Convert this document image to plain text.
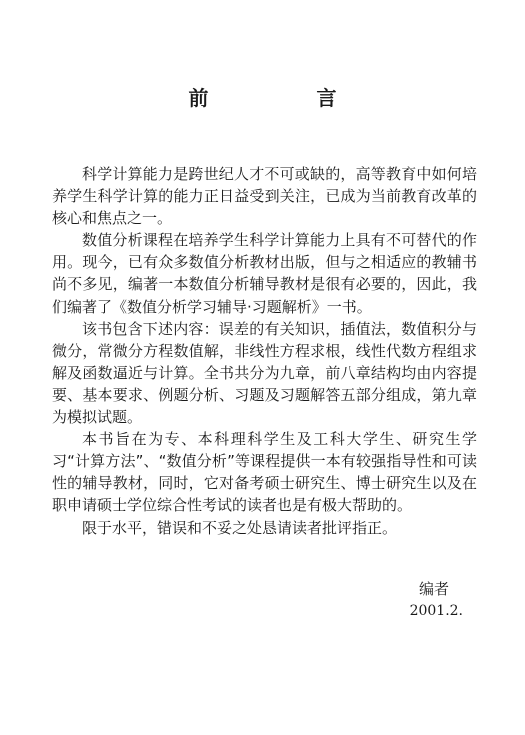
前　言

科学计算能力是跨世纪人才不可或缺的，高等教育中如何培养学生科学计算的能力正日益受到关注，已成为当前教育改革的核心和焦点之一。

数值分析课程在培养学生科学计算能力上具有不可替代的作用。现今，已有众多数值分析教材出版，但与之相适应的教辅书尚不多见，编著一本数值分析辅导教材是很有必要的，因此，我们编著了《数值分析学习辅导·习题解析》一书。

该书包含下述内容：误差的有关知识，插值法，数值积分与微分，常微分方程数值解，非线性方程求根，线性代数方程组求解及函数逼近与计算。全书共分为九章，前八章结构均由内容提要、基本要求、例题分析、习题及习题解答五部分组成，第九章为模拟试题。

本书旨在为专、本科理科学生及工科大学生、研究生学习“计算方法”、“数值分析”等课程提供一本有较强指导性和可读性的辅导教材，同时，它对备考硕士研究生、博士研究生以及在职申请硕士学位综合性考试的读者也是有极大帮助的。

限于水平，错误和不妥之处恳请读者批评指正。

编者
2001.2.
